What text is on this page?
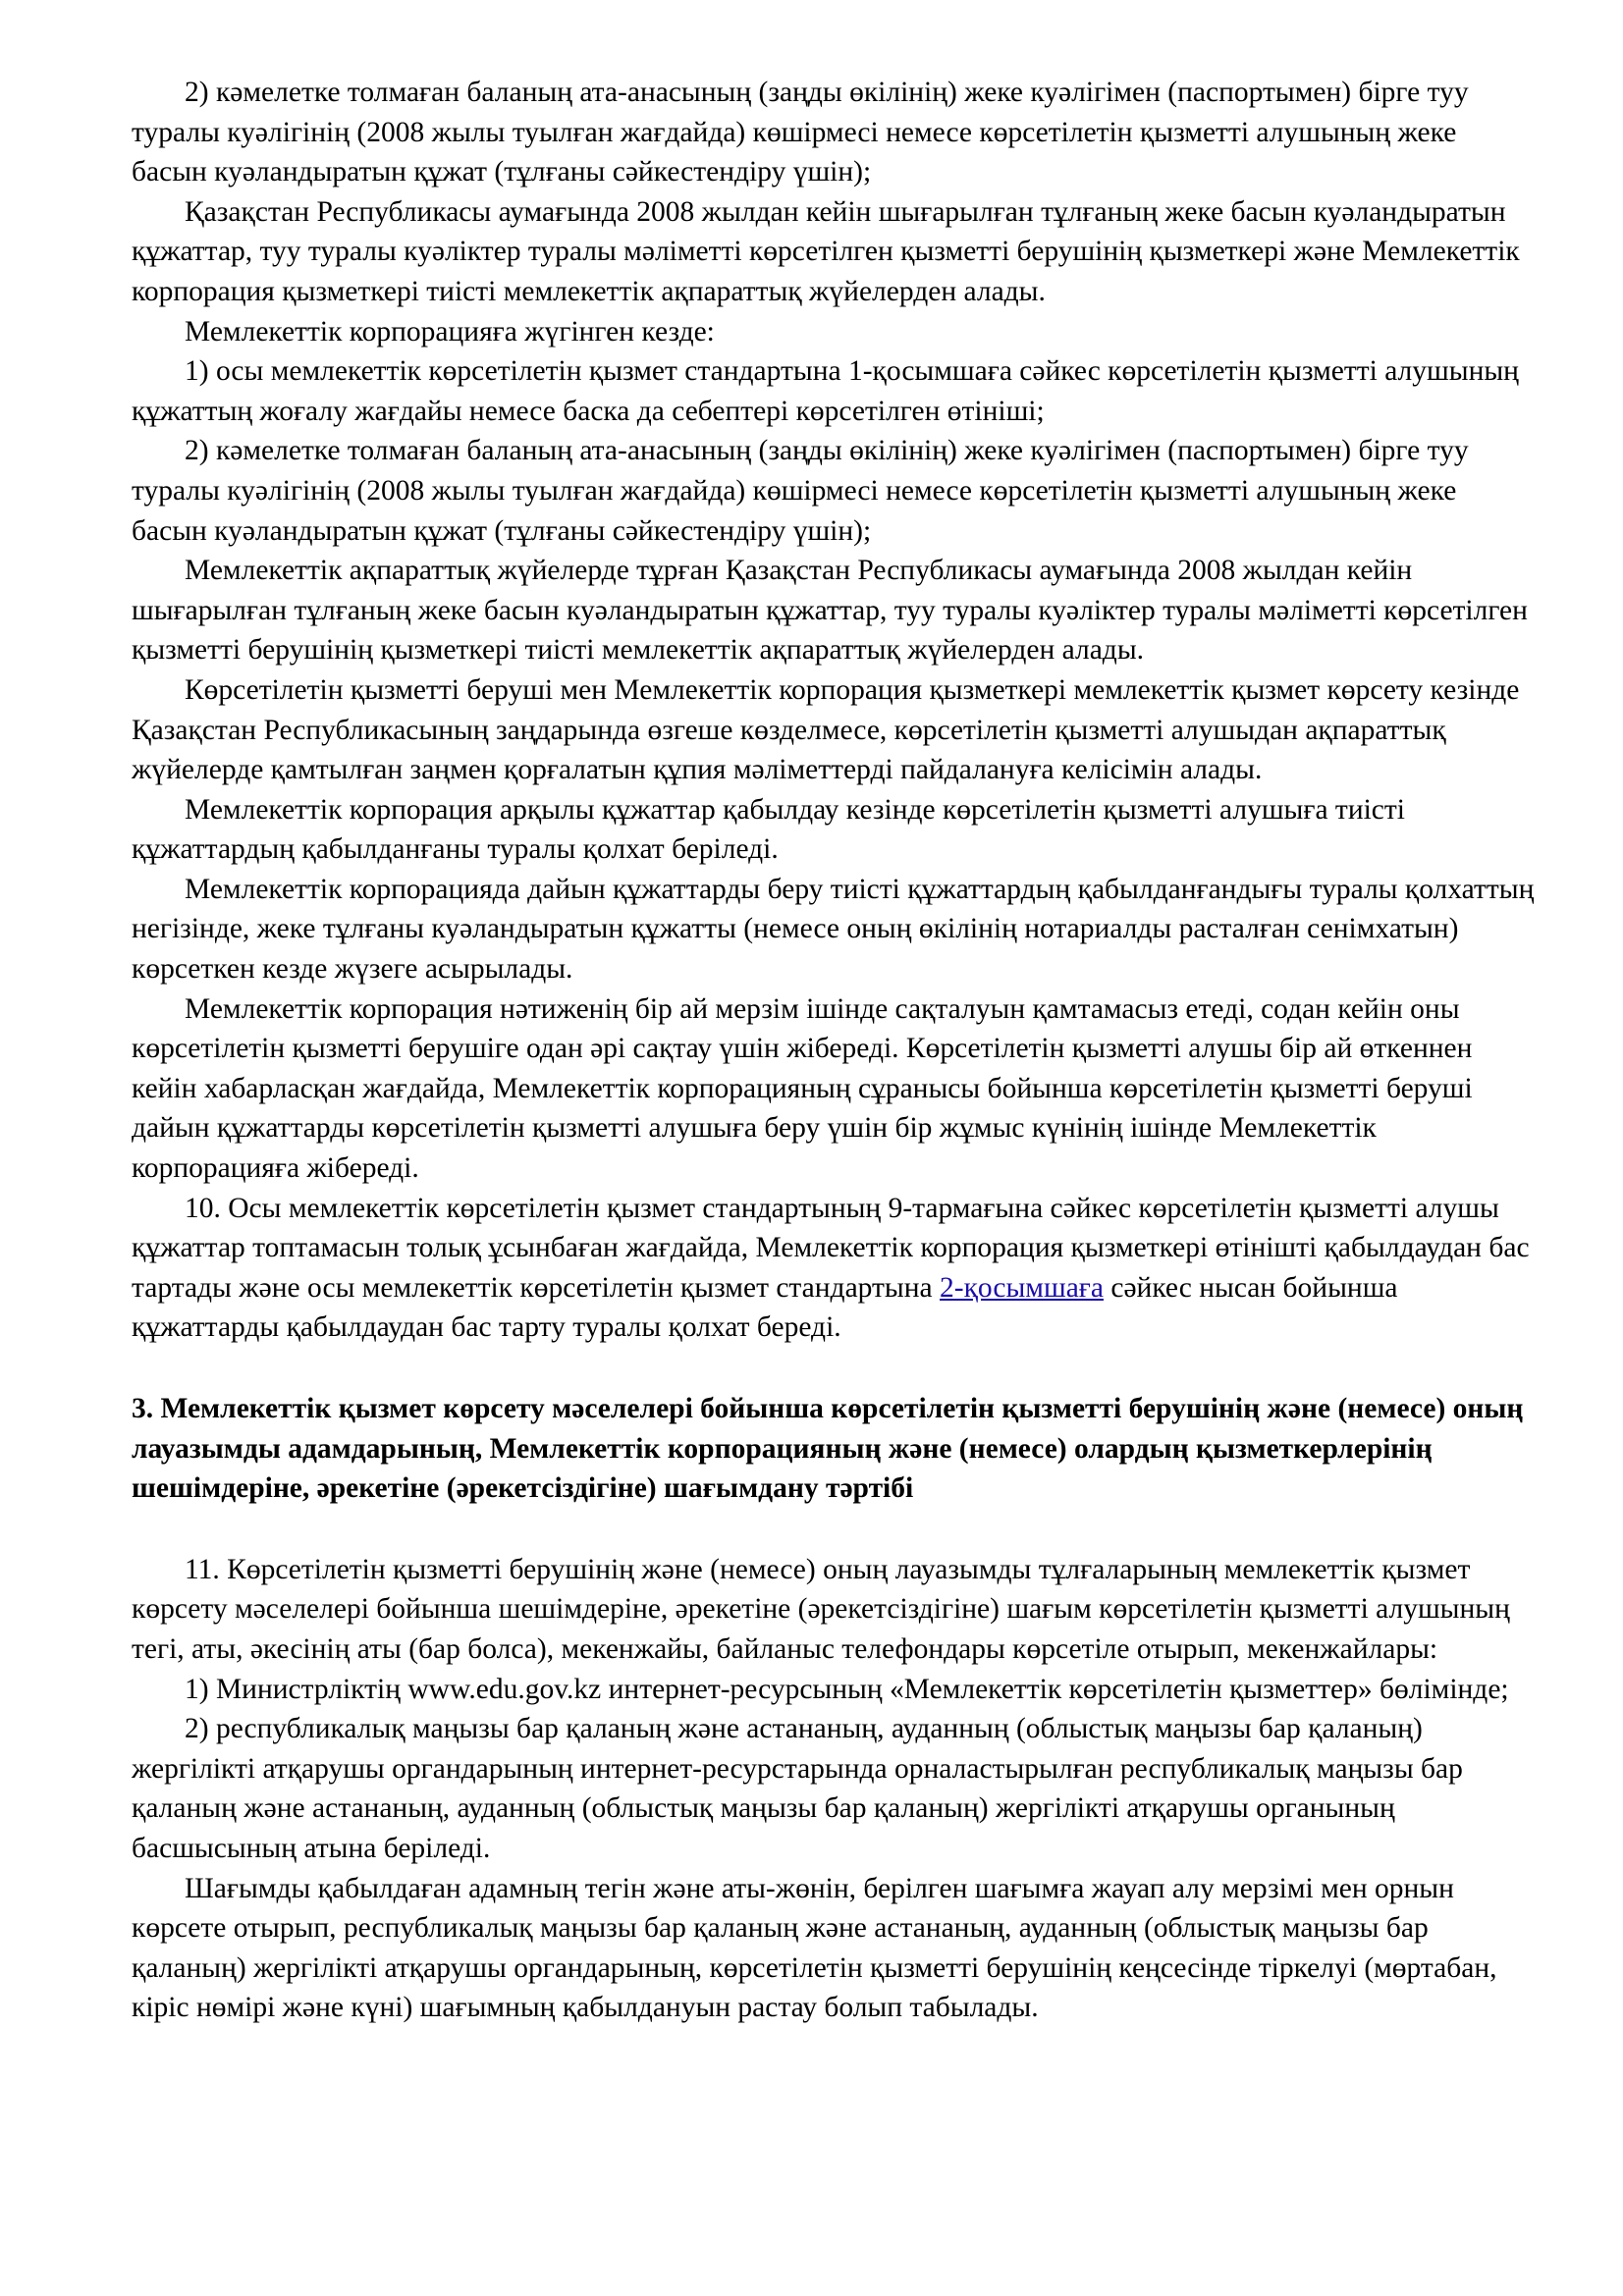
2) кәмелетке толмаған баланың ата-анасының (заңды өкілінің) жеке куәлігімен (паспортымен) бірге туу туралы куәлігінің (2008 жылы туылған жағдайда) көшірмесі немесе көрсетілетін қызметті алушының жеке басын куәландыратын құжат (тұлғаны сәйкестендіру үшін);

Қазақстан Республикасы аумағында 2008 жылдан кейін шығарылған тұлғаның жеке басын куәландыратын құжаттар, туу туралы куәліктер туралы мәліметті көрсетілген қызметті берушінің қызметкері және Мемлекеттік корпорация қызметкері тиісті мемлекеттік ақпараттық жүйелерден алады.

Мемлекеттік корпорацияға жүгінген кезде:

1) осы мемлекеттік көрсетілетін қызмет стандартына 1-қосымшаға сәйкес көрсетілетін қызметті алушының құжаттың жоғалу жағдайы немесе баска да себептері көрсетілген өтініші;

2) кәмелетке толмаған баланың ата-анасының (заңды өкілінің) жеке куәлігімен (паспортымен) бірге туу туралы куәлігінің (2008 жылы туылған жағдайда) көшірмесі немесе көрсетілетін қызметті алушының жеке басын куәландыратын құжат (тұлғаны сәйкестендіру үшін);

Мемлекеттік ақпараттық жүйелерде тұрған Қазақстан Республикасы аумағында 2008 жылдан кейін шығарылған тұлғаның жеке басын куәландыратын құжаттар, туу туралы куәліктер туралы мәліметті көрсетілген қызметті берушінің қызметкері тиісті мемлекеттік ақпараттық жүйелерден алады.

Көрсетілетін қызметті беруші мен Мемлекеттік корпорация қызметкері мемлекеттік қызмет көрсету кезінде Қазақстан Республикасының заңдарында өзгеше көзделмесе, көрсетілетін қызметті алушыдан ақпараттық жүйелерде қамтылған заңмен қорғалатын құпия мәліметтерді пайдалануға келісімін алады.

Мемлекеттік корпорация арқылы құжаттар қабылдау кезінде көрсетілетін қызметті алушыға тиісті құжаттардың қабылданғаны туралы қолхат беріледі.

Мемлекеттік корпорацияда дайын құжаттарды беру тиісті құжаттардың қабылданғандығы туралы қолхаттың негізінде, жеке тұлғаны куәландыратын құжатты (немесе оның өкілінің нотариалды расталған сенімхатын) көрсеткен кезде жүзеге асырылады.

Мемлекеттік корпорация нәтиженің бір ай мерзім ішінде сақталуын қамтамасыз етеді, содан кейін оны көрсетілетін қызметті берушіге одан әрі сақтау үшін жібереді. Көрсетілетін қызметті алушы бір ай өткеннен кейін хабарласқан жағдайда, Мемлекеттік корпорацияның сұранысы бойынша көрсетілетін қызметті беруші дайын құжаттарды көрсетілетін қызметті алушыға беру үшін бір жұмыс күнінің ішінде Мемлекеттік корпорацияға жібереді.

10. Осы мемлекеттік көрсетілетін қызмет стандартының 9-тармағына сәйкес көрсетілетін қызметті алушы құжаттар топтамасын толық ұсынбаған жағдайда, Мемлекеттік корпорация қызметкері өтінішті қабылдаудан бас тартады және осы мемлекеттік көрсетілетін қызмет стандартына 2-қосымшаға сәйкес нысан бойынша құжаттарды қабылдаудан бас тарту туралы қолхат береді.

3. Мемлекеттік қызмет көрсету мәселелері бойынша көрсетілетін қызметті берушінің және (немесе) оның лауазымды адамдарының, Мемлекеттік корпорацияның және (немесе) олардың қызметкерлерінің шешімдеріне, әрекетіне (әрекетсіздігіне) шағымдану тәртібі

11. Көрсетілетін қызметті берушінің және (немесе) оның лауазымды тұлғаларының мемлекеттік қызмет көрсету мәселелері бойынша шешімдеріне, әрекетіне (әрекетсіздігіне) шағым көрсетілетін қызметті алушының тегі, аты, әкесінің аты (бар болса), мекенжайы, байланыс телефондары көрсетіле отырып, мекенжайлары:

1) Министрліктің www.edu.gov.kz интернет-ресурсының «Мемлекеттік көрсетілетін қызметтер» бөлімінде;

2) республикалық маңызы бар қаланың және астананың, ауданның (облыстық маңызы бар қаланың) жергілікті атқарушы органдарының интернет-ресурстарында орналастырылған республикалық маңызы бар қаланың және астананың, ауданның (облыстық маңызы бар қаланың) жергілікті атқарушы органының басшысының атына беріледі.

Шағымды қабылдаған адамның тегін және аты-жөнін, берілген шағымға жауап алу мерзімі мен орнын көрсете отырып, республикалық маңызы бар қаланың және астананың, ауданның (облыстық маңызы бар қаланың) жергілікті атқарушы органдарының, көрсетілетін қызметті берушінің кеңсесінде тіркелуі (мөртабан, кіріс нөмірі және күні) шағымның қабылдануын растау болып табылады.
